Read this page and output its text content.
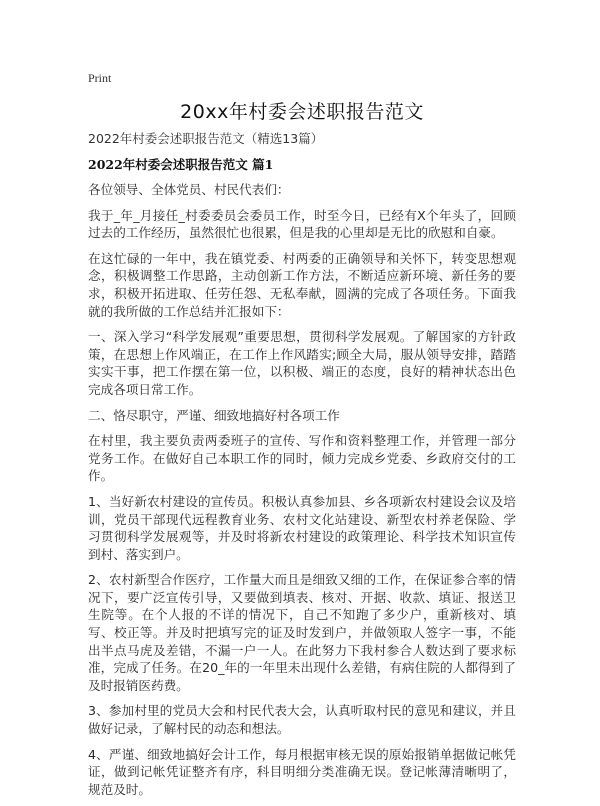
Print
20xx年村委会述职报告范文
2022年村委会述职报告范文（精选13篇）
2022年村委会述职报告范文 篇1

各位领导、全体党员、村民代表们：

我于_年_月接任_村委委员会委员工作，时至今日，已经有X个年头了，回顾过去的工作经历，虽然很忙也很累，但是我的心里却是无比的欣慰和自豪。

在这忙碌的一年中，我在镇党委、村两委的正确领导和关怀下，转变思想观念，积极调整工作思路，主动创新工作方法，不断适应新环境、新任务的要求，积极开拓进取、任劳任怨、无私奉献，圆满的完成了各项任务。下面我就的我所做的工作总结并汇报如下：

一、深入学习“科学发展观”重要思想，贯彻科学发展观。了解国家的方针政策，在思想上作风端正，在工作上作风踏实;顾全大局，服从领导安排，踏踏实实干事，把工作摆在第一位，以积极、端正的态度，良好的精神状态出色完成各项日常工作。

二、恪尽职守，严谨、细致地搞好村各项工作

在村里，我主要负责两委班子的宣传、写作和资料整理工作，并管理一部分党务工作。在做好自己本职工作的同时，倾力完成乡党委、乡政府交付的工作。

1、当好新农村建设的宣传员。积极认真参加县、乡各项新农村建设会议及培训，党员干部现代远程教育业务、农村文化站建设、新型农村养老保险、学习贯彻科学发展观等，并及时将新农村建设的政策理论、科学技术知识宣传到村、落实到户。

2、农村新型合作医疗，工作量大而且是细致又细的工作，在保证参合率的情况下，要广泛宣传引导，又要做到填表、核对、开据、收款、填证、报送卫生院等。在个人报的不详的情况下，自己不知跑了多少户，重新核对、填写、校正等。并及时把填写完的证及时发到户，并做领取人签字一事，不能出半点马虎及差错，不漏一户一人。在此努力下我村参合人数达到了要求标准，完成了任务。在20_年的一年里未出现什么差错，有病住院的人都得到了及时报销医药费。

3、参加村里的党员大会和村民代表大会，认真听取村民的意见和建议，并且做好记录，了解村民的动态和想法。

4、严谨、细致地搞好会计工作，每月根据审核无误的原始报销单据做记帐凭证，做到记帐凭证整齐有序，科目明细分类准确无误。登记帐薄清晰明了，规范及时。
